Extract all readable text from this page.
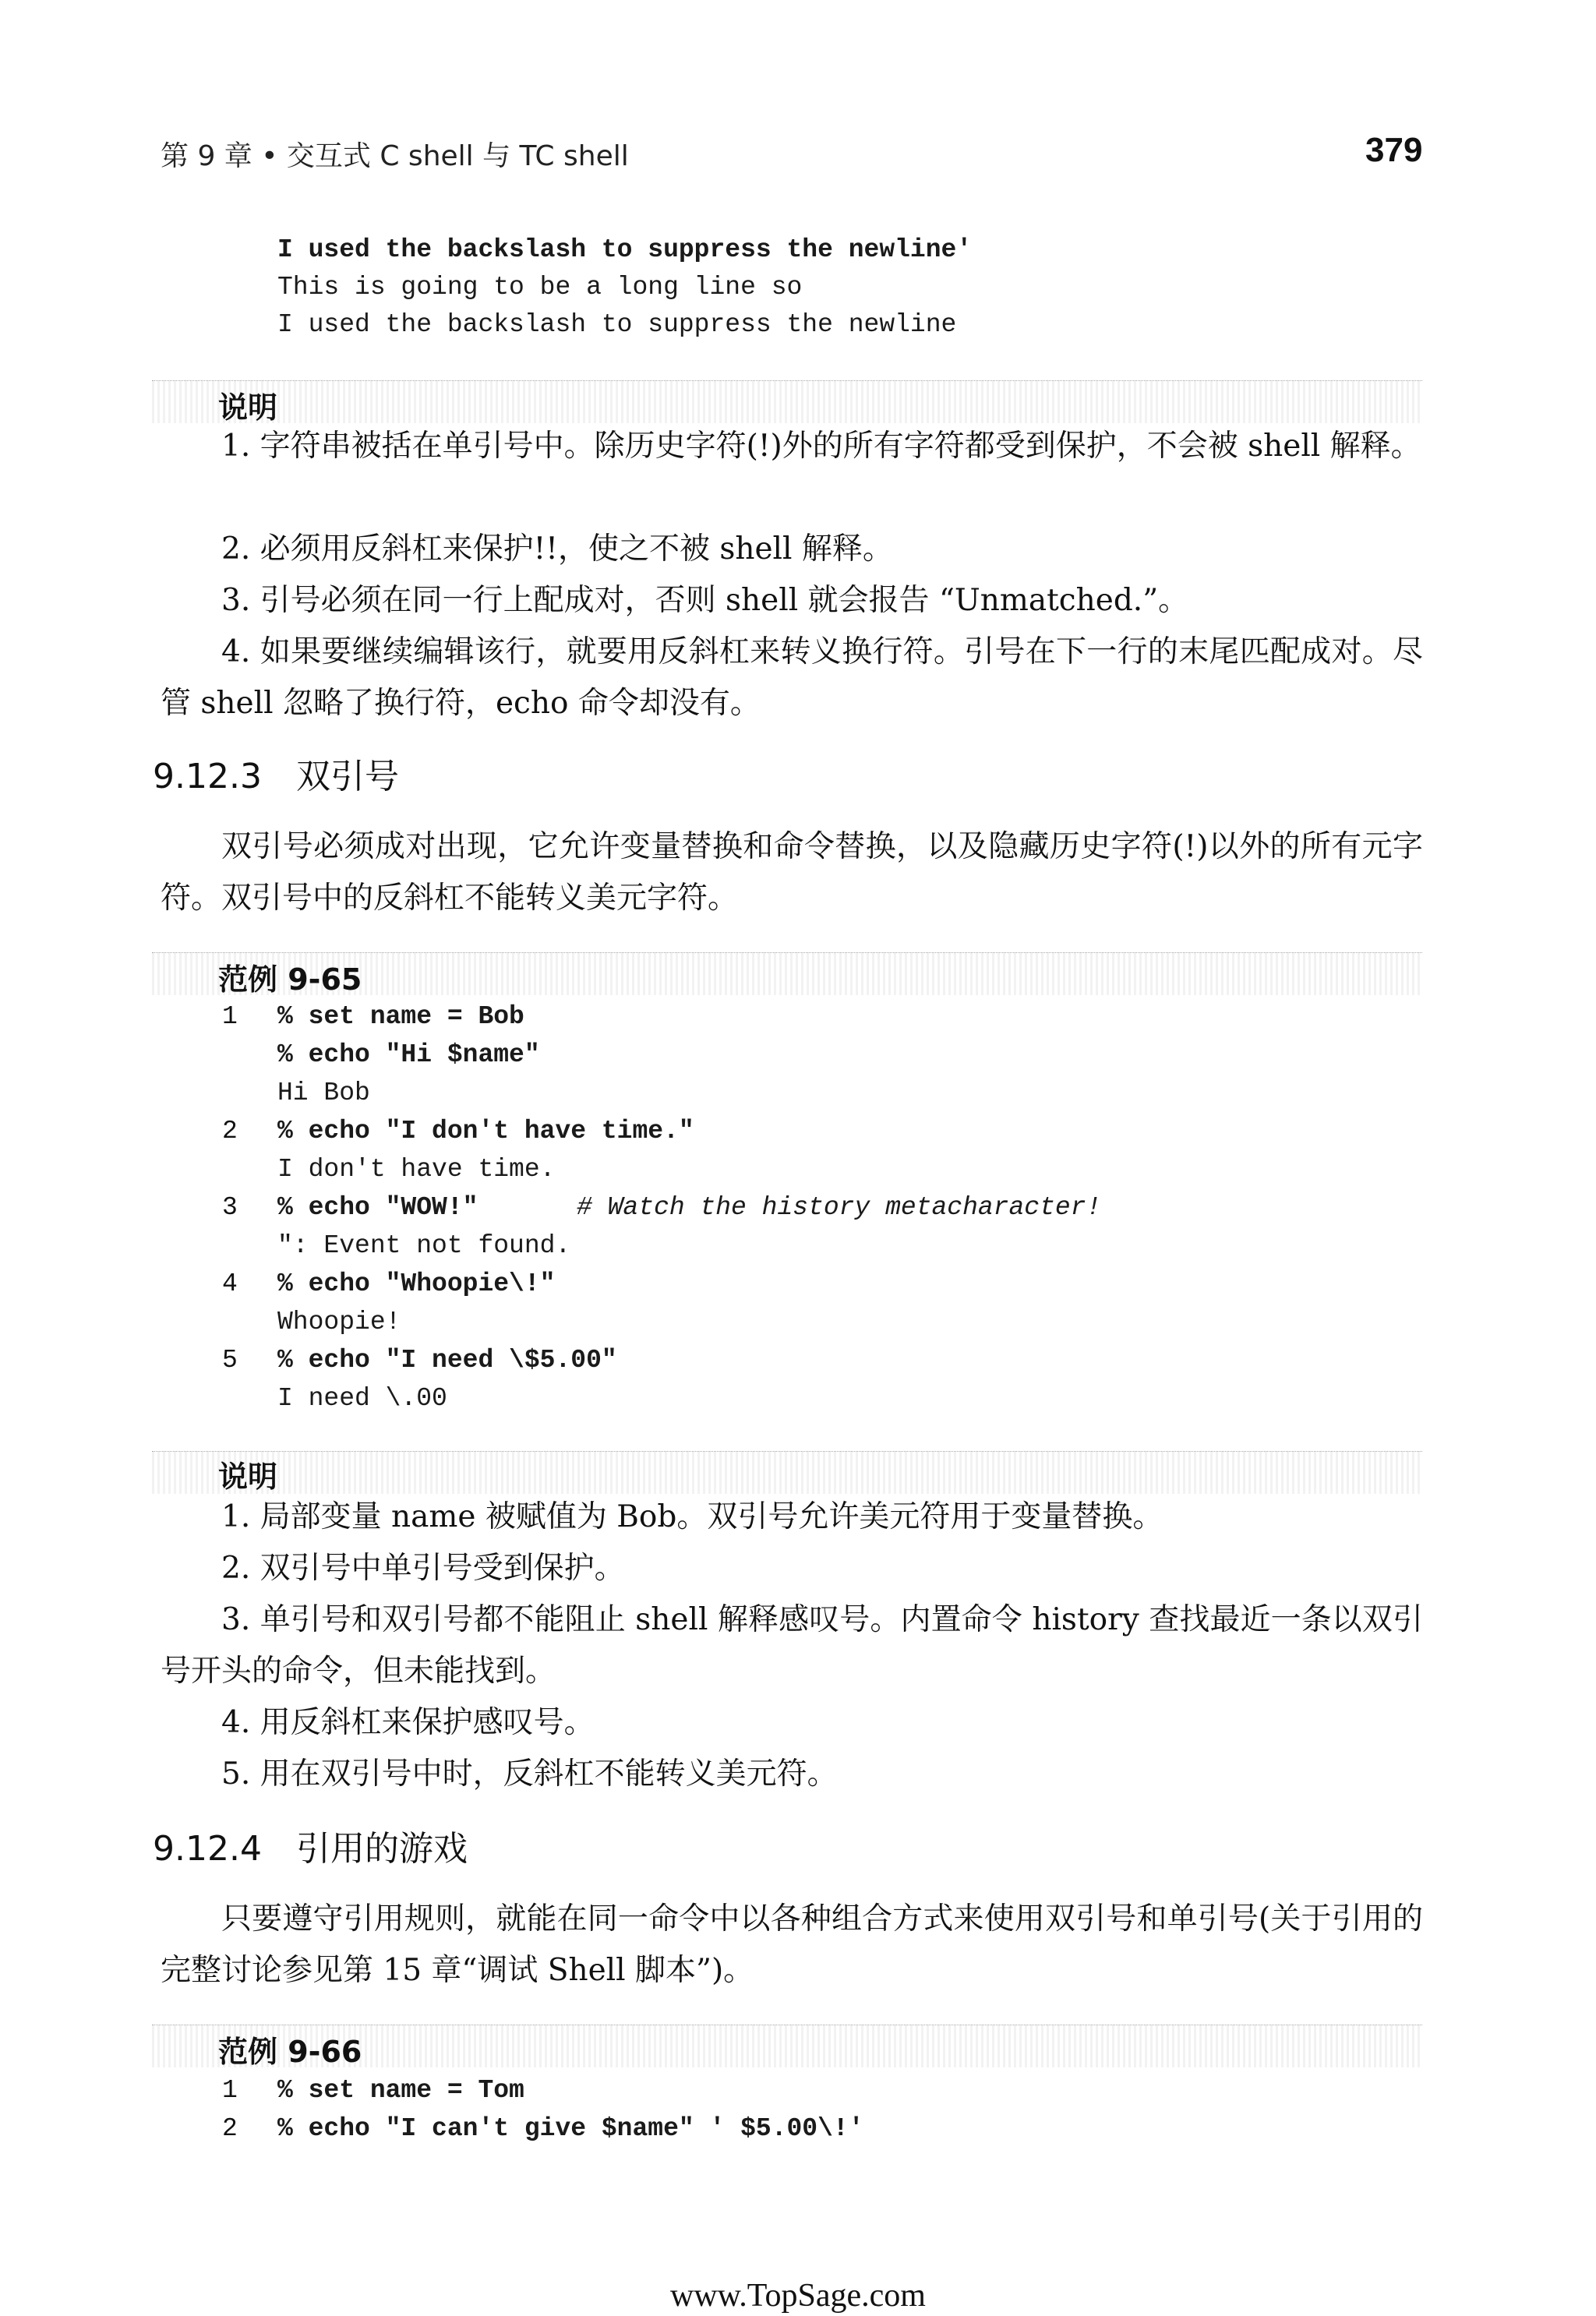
第 9 章 • 交互式 C shell 与 TC shell	379
I used the backslash to suppress the newline'
This is going to be a long line so
I used the backslash to suppress the newline
说明
1. 字符串被括在单引号中。除历史字符(!)外的所有字符都受到保护，不会被 shell 解释。
2. 必须用反斜杠来保护!!，使之不被 shell 解释。
3. 引号必须在同一行上配成对，否则 shell 就会报告 “Unmatched.”。
4. 如果要继续编辑该行，就要用反斜杠来转义换行符。引号在下一行的末尾匹配成对。尽管 shell 忽略了换行符，echo 命令却没有。
9.12.3　双引号
双引号必须成对出现，它允许变量替换和命令替换，以及隐藏历史字符(!)以外的所有元字符。双引号中的反斜杠不能转义美元字符。
范例 9-65
1 % set name = Bob
% echo "Hi $name"
Hi Bob
2 % echo "I don't have time."
I don't have time.
3 % echo "WOW!"	# Watch the history metacharacter!
": Event not found.
4 % echo "Whoopie\!"
Whoopie!
5 % echo "I need \$5.00"
I need \.00
说明
1. 局部变量 name 被赋值为 Bob。双引号允许美元符用于变量替换。
2. 双引号中单引号受到保护。
3. 单引号和双引号都不能阻止 shell 解释感叹号。内置命令 history 查找最近一条以双引号开头的命令，但未能找到。
4. 用反斜杠来保护感叹号。
5. 用在双引号中时，反斜杠不能转义美元符。
9.12.4　引用的游戏
只要遵守引用规则，就能在同一命令中以各种组合方式来使用双引号和单引号(关于引用的完整讨论参见第 15 章“调试 Shell 脚本”)。
范例 9-66
1 % set name = Tom
2 % echo "I can't give $name" ' $5.00\!'
www.TopSage.com
